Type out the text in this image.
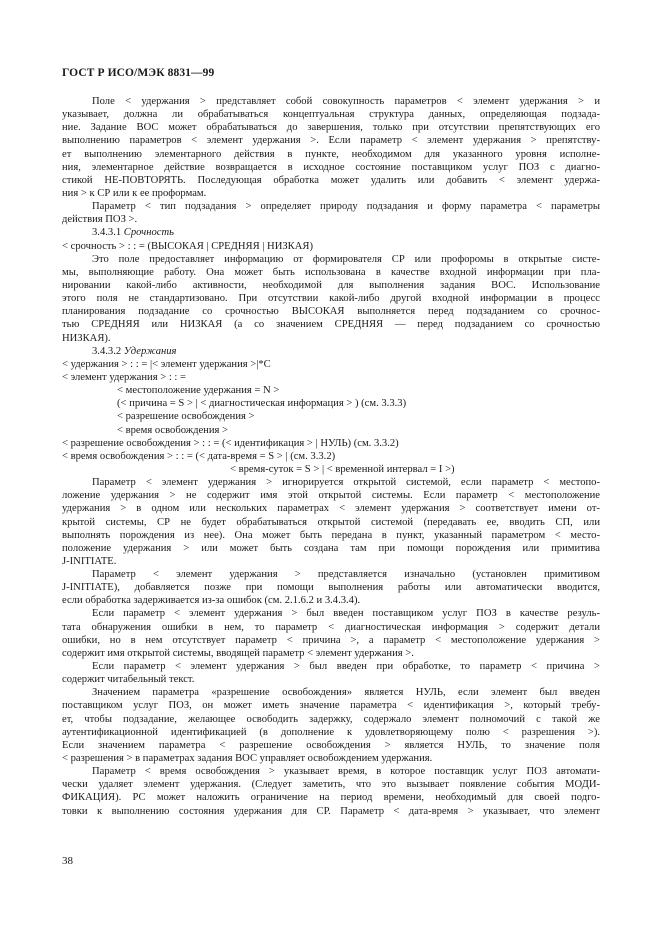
ГОСТ Р ИСО/МЭК 8831—99
Поле < удержания > представляет собой совокупность параметров < элемент удержания > и
указывает, должна ли обрабатываться концептуальная структура данных, определяющая подзада-
ние. Задание ВОС может обрабатываться до завершения, только при отсутствии препятствующих его
выполнению параметров < элемент удержания >. Если параметр < элемент удержания > препятству-
ет выполнению элементарного действия в пункте, необходимом для указанного уровня исполне-
ния, элементарное действие возвращается в исходное состояние поставщиком услуг ПОЗ с диагно-
стикой НЕ-ПОВТОРЯТЬ. Последующая обработка может удалить или добавить < элемент удержа-
ния > к СР или к ее проформам.
Параметр < тип подзадания > определяет природу подзадания и форму параметра < параметры
действия ПОЗ >.
3.4.3.1 Срочность
< срочность > : : = (ВЫСОКАЯ | СРЕДНЯЯ | НИЗКАЯ)
Это поле предоставляет информацию от формирователя СР или профоромы в открытые систе-
мы, выполняющие работу. Она может быть использована в качестве входной информации при пла-
нировании какой-либо активности, необходимой для выполнения задания ВОС. Использование
этого поля не стандартизовано. При отсутствии какой-либо другой входной информации в процесс
планирования подзадание со срочностью ВЫСОКАЯ выполняется перед подзаданием со срочнос-
тью СРЕДНЯЯ или НИЗКАЯ (а со значением СРЕДНЯЯ — перед подзаданием со срочностью
НИЗКАЯ).
3.4.3.2 Удержания
< удержания > : : = |< элемент удержания >|*С
< элемент удержания > : : =
< местоположение удержания = N >
(< причина = S > | < диагностическая информация > ) (см. 3.3.3)
< разрешение освобождения >
< время освобождения >
< разрешение освобождения > : : = (< идентификация > | НУЛЬ) (см. 3.3.2)
< время освобождения > : : = (< дата-время = S > | (см. 3.3.2)
< время-суток = S > | < временной интервал = I >)
Параметр < элемент удержания > игнорируется открытой системой, если параметр < местопо-
ложение удержания > не содержит имя этой открытой системы. Если параметр < местоположение
удержания > в одном или нескольких параметрах < элемент удержания > соответствует имени от-
крытой системы, СР не будет обрабатываться открытой системой (передавать ее, вводить СП, или
выполнять порождения из нее). Она может быть передана в пункт, указанный параметром < место-
положение удержания > или может быть создана там при помощи порождения или примитива
J-INITIATE.
Параметр < элемент удержания > представляется изначально (установлен примитивом
J-INITIATE), добавляется позже при помощи выполнения работы или автоматически вводится,
если обработка задерживается из-за ошибок (см. 2.1.6.2 и 3.4.3.4).
Если параметр < элемент удержания > был введен поставщиком услуг ПОЗ в качестве резуль-
тата обнаружения ошибки в нем, то параметр < диагностическая информация > содержит детали
ошибки, но в нем отсутствует параметр < причина >, а параметр < местоположение удержания >
содержит имя открытой системы, вводящей параметр < элемент удержания >.
Если параметр < элемент удержания > был введен при обработке, то параметр < причина >
содержит читабельный текст.
Значением параметра «разрешение освобождения» является НУЛЬ, если элемент был введен
поставщиком услуг ПОЗ, он может иметь значение параметра < идентификация >, который требу-
ет, чтобы подзадание, желающее освободить задержку, содержало элемент полномочий с такой же
аутентификационной идентификацией (в дополнение к удовлетворяющему полю < разрешения >).
Если значением параметра < разрешение освобождения > является НУЛЬ, то значение поля
< разрешения > в параметрах задания ВОС управляет освобождением удержания.
Параметр < время освобождения > указывает время, в которое поставщик услуг ПОЗ автомати-
чески удаляет элемент удержания. (Следует заметить, что это вызывает появление события МОДИ-
ФИКАЦИЯ). РС может наложить ограничение на период времени, необходимый для своей подго-
товки к выполнению состояния удержания для СР. Параметр < дата-время > указывает, что элемент
38
